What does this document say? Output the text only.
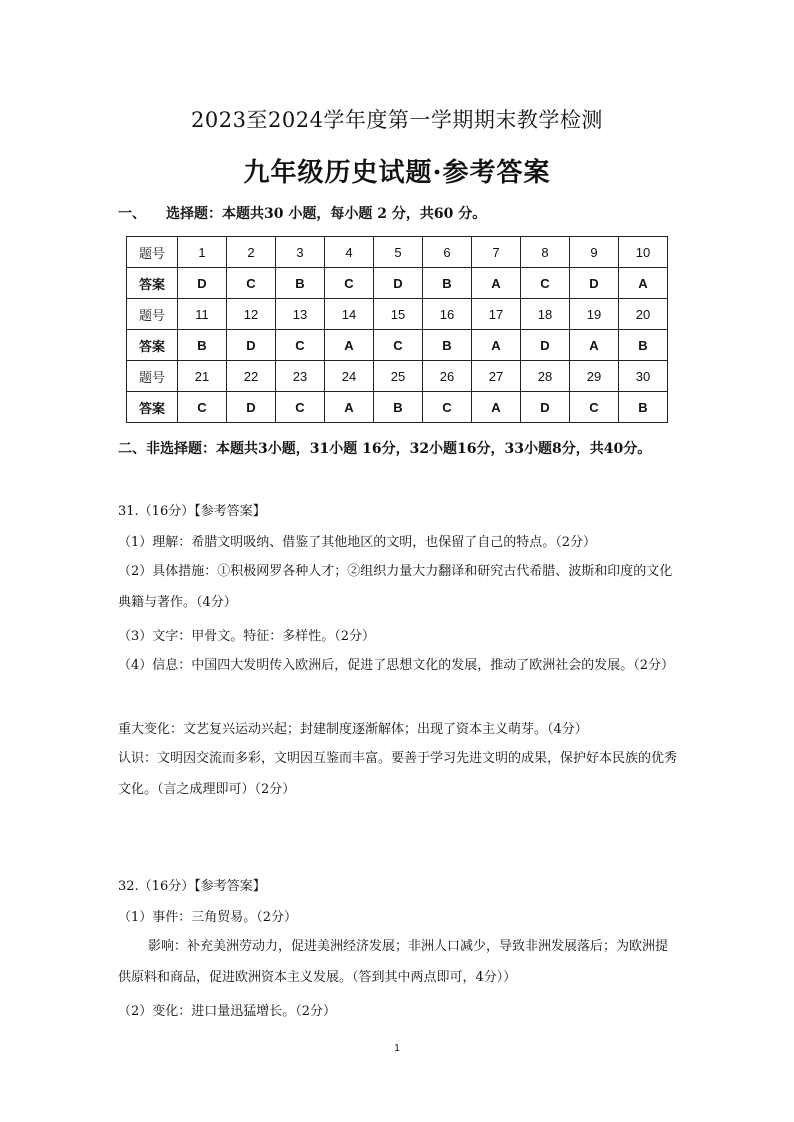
2023至2024学年度第一学期期末教学检测
九年级历史试题·参考答案
一、 选择题：本题共30 小题，每小题 2 分，共60 分。
题号	1	2	3	4	5	6	7	8	9	10
答案	D	C	B	C	D	B	A	C	D	A
题号	11	12	13	14	15	16	17	18	19	20
答案	B	D	C	A	C	B	A	D	A	B
题号	21	22	23	24	25	26	27	28	29	30
答案	C	D	C	A	B	C	A	D	C	B
二、非选择题：本题共3小题，31小题 16分，32小题16分，33小题8分，共40分。
31.（16分）【参考答案】
（1）理解：希腊文明吸纳、借鉴了其他地区的文明，也保留了自己的特点。（2分）
（2）具体措施：①积极网罗各种人才；②组织力量大力翻译和研究古代希腊、波斯和印度的文化典籍与著作。（4分）
（3）文字：甲骨文。特征：多样性。（2分）
（4）信息：中国四大发明传入欧洲后，促进了思想文化的发展，推动了欧洲社会的发展。（2分）
重大变化：文艺复兴运动兴起；封建制度逐渐解体；出现了资本主义萌芽。（4分）
认识：文明因交流而多彩，文明因互鉴而丰富。要善于学习先进文明的成果，保护好本民族的优秀文化。（言之成理即可）（2分）
32.（16分）【参考答案】
（1）事件：三角贸易。（2分）
影响：补充美洲劳动力，促进美洲经济发展；非洲人口减少，导致非洲发展落后；为欧洲提供原料和商品，促进欧洲资本主义发展。（答到其中两点即可，4分））
（2）变化：进口量迅猛增长。（2分）
1
